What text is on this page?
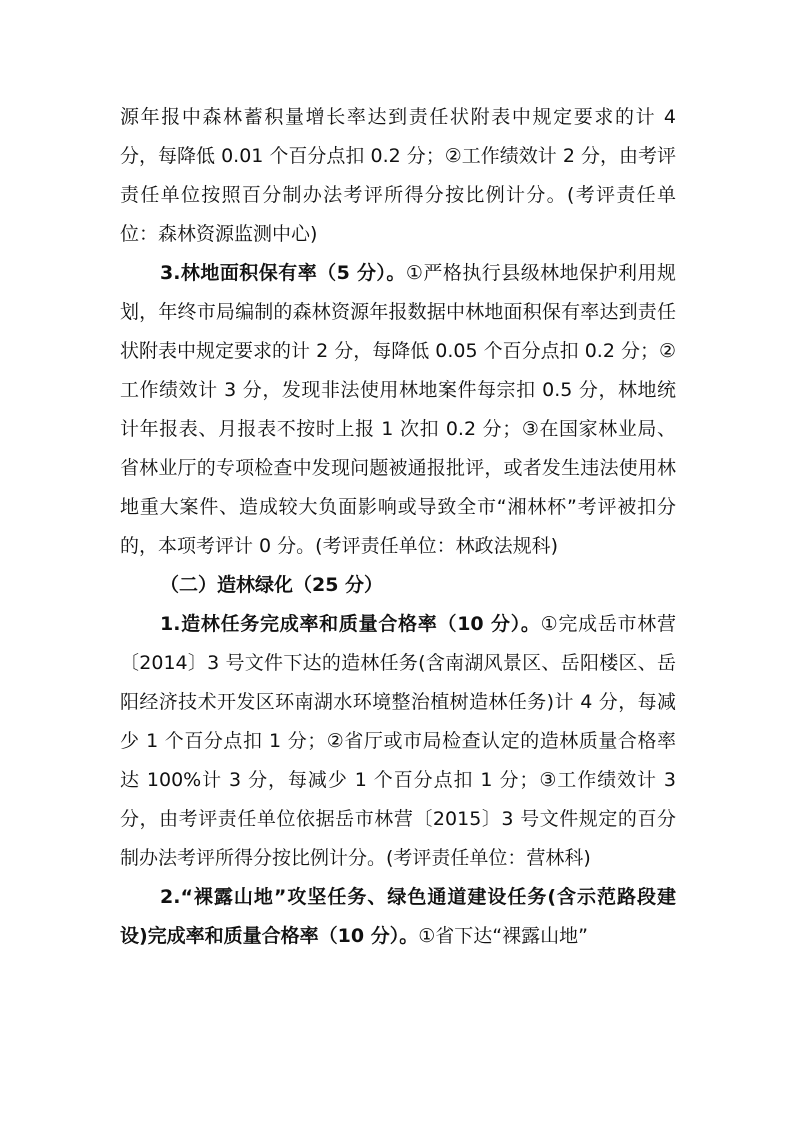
源年报中森林蓄积量增长率达到责任状附表中规定要求的计 4 分，每降低 0.01 个百分点扣 0.2 分；②工作绩效计 2 分，由考评责任单位按照百分制办法考评所得分按比例计分。(考评责任单位：森林资源监测中心)

3.林地面积保有率（5 分）。①严格执行县级林地保护利用规划，年终市局编制的森林资源年报数据中林地面积保有率达到责任状附表中规定要求的计 2 分，每降低 0.05 个百分点扣 0.2 分；②工作绩效计 3 分，发现非法使用林地案件每宗扣 0.5 分，林地统计年报表、月报表不按时上报 1 次扣 0.2 分；③在国家林业局、省林业厅的专项检查中发现问题被通报批评，或者发生违法使用林地重大案件、造成较大负面影响或导致全市“湘林杯”考评被扣分的，本项考评计 0 分。(考评责任单位：林政法规科)

（二）造林绿化（25 分）

1.造林任务完成率和质量合格率（10 分）。①完成岳市林营〔2014〕3 号文件下达的造林任务(含南湖风景区、岳阳楼区、岳阳经济技术开发区环南湖水环境整治植树造林任务)计 4 分，每减少 1 个百分点扣 1 分；②省厅或市局检查认定的造林质量合格率达 100%计 3 分，每减少 1 个百分点扣 1 分；③工作绩效计 3 分，由考评责任单位依据岳市林营〔2015〕3 号文件规定的百分制办法考评所得分按比例计分。(考评责任单位：营林科)

2.“裸露山地”攻坚任务、绿色通道建设任务(含示范路段建设)完成率和质量合格率（10 分）。①省下达“裸露山地”
